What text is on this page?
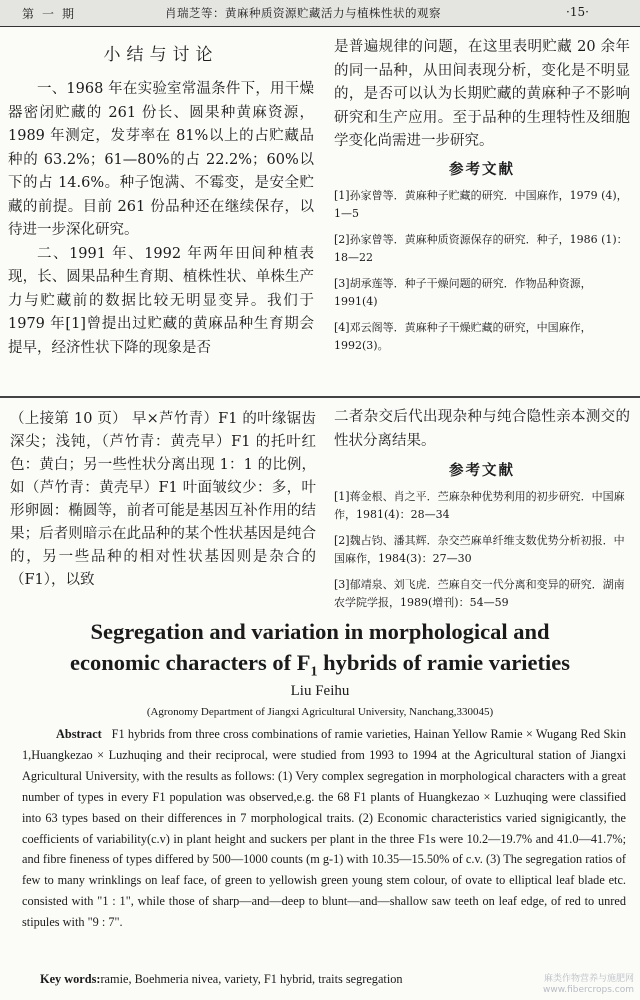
第一期	肖瑞芝等：黄麻种质资源贮藏活力与植株性状的观察	·15·
小结与讨论

一、1968 年在实验室常温条件下，用干燥器密闭贮藏的 261 份长、圆果种黄麻资源，1989 年测定，发芽率在 81%以上的占贮藏品种的 63.2%；61—80%的占 22.2%；60%以下的占 14.6%。种子饱满、不霉变，是安全贮藏的前提。目前 261 份品种还在继续保存，以待进一步深化研究。

二、1991 年、1992 年两年田间种植表现，长、圆果品种生育期、植株性状、单株生产力与贮藏前的数据比较无明显变异。我们于 1979 年[1]曾提出过贮藏的黄麻品种生育期会提早，经济性状下降的现象是否

是普遍规律的问题，在这里表明贮藏 20 余年的同一品种，从田间表现分析，变化是不明显的，是否可以认为长期贮藏的黄麻种子不影响研究和生产应用。至于品种的生理特性及细胞学变化尚需进一步研究。

参考文献

[1]孙家曾等．黄麻种子贮藏的研究．中国麻作，1979 (4)，1—5

[2]孙家曾等．黄麻种质资源保存的研究．种子，1986 (1)：18—22

[3]胡承莲等．种子干燥问题的研究．作物品种资源，1991(4)

[4]邓云阁等．黄麻种子干燥贮藏的研究，中国麻作，1992(3)。

（上接第 10 页） 早×芦竹青）F1 的叶缘锯齿深尖；浅钝，（芦竹青：黄壳早）F1 的托叶红色：黄白；另一些性状分离出现 1：1 的比例，如（芦竹青：黄壳早）F1 叶面皱纹少：多，叶形卵圆：椭圆等，前者可能是基因互补作用的结果；后者则暗示在此品种的某个性状基因是纯合的，另一些品种的相对性状基因则是杂合的（F1），以致

二者杂交后代出现杂种与纯合隐性亲本测交的性状分离结果。

参考文献

[1]蒋金根、肖之平．苎麻杂种优势利用的初步研究．中国麻作，1981(4)：28—34

[2]魏占钧、潘其辉．杂交苎麻单纤维支数优势分析初报．中国麻作，1984(3)：27—30

[3]郁靖泉、刘飞虎．苎麻自交一代分离和变异的研究．湖南农学院学报，1989(增刊)：54—59

Segregation and variation in morphological and
economic characters of $F_1$ hybrids of ramie varieties
Liu Feihu
(Agronomy Department of Jiangxi Agricultural University, Nanchang,330045)

Abstract F1 hybrids from three cross combinations of ramie varieties, Hainan Yellow Ramie × Wugang Red Skin 1,Huangkezao × Luzhuqing and their reciprocal, were studied from 1993 to 1994 at the Agricultural station of Jiangxi Agricultural University, with the results as follows: (1) Very complex segregation in morphological characters with a great number of types in every F1 population was observed,e.g. the 68 F1 plants of Huangkezao × Luzhuqing were classified into 63 types based on their differences in 7 morphological traits. (2) Economic characteristics varied signigicantly, the coefficients of variability(c.v) in plant height and suckers per plant in the three F1s were 10.2—19.7% and 41.0—41.7%; and fibre fineness of types differed by 500—1000 counts (m g-1) with 10.35—15.50% of c.v. (3) The segregation ratios of few to many wrinklings on leaf face, of green to yellowish green young stem colour, of ovate to elliptical leaf blade etc. consisted with "1 : 1", while those of sharp—and—deep to blunt—and—shallow saw teeth on leaf edge, of red to unred stipules with "9 : 7".

Key words:ramie, Boehmeria nivea, variety, F1 hybrid, traits segregation	麻类作物营养与施肥网
www.fibercrops.com
